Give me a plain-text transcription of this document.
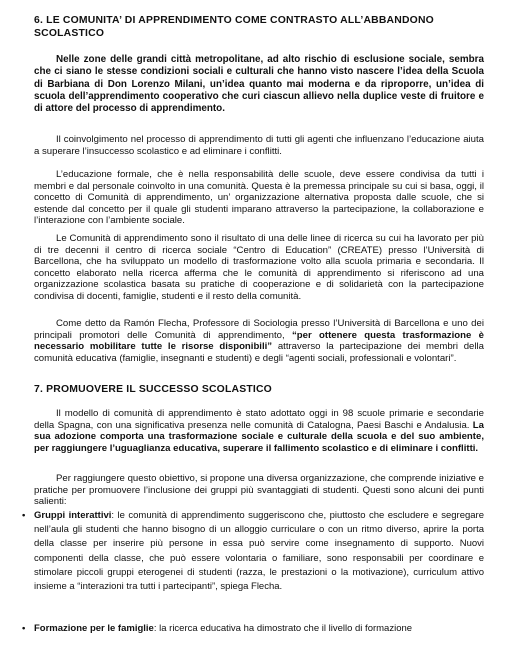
6. LE COMUNITA’ DI APPRENDIMENTO COME CONTRASTO ALL’ABBANDONO SCOLASTICO

Nelle zone delle grandi città metropolitane, ad alto rischio di esclusione sociale, sembra che ci siano le stesse condizioni sociali e culturali che hanno visto nascere l’idea della Scuola di Barbiana di Don Lorenzo Milani, un’idea quanto mai moderna e da riproporre, un’idea di scuola dell’apprendimento cooperativo che curi ciascun allievo nella duplice veste di fruitore e di attore del processo di apprendimento.

Il coinvolgimento nel processo di apprendimento di tutti gli agenti che influenzano l’educazione aiuta a superare l’insuccesso scolastico e ad eliminare i conflitti.

L’educazione formale, che è nella responsabilità delle scuole, deve essere condivisa da tutti i membri e dal personale coinvolto in una comunità. Questa è la premessa principale su cui si basa, oggi, il concetto di Comunità di apprendimento, un’ organizzazione alternativa proposta dalle scuole, che si estende dal concetto per il quale gli studenti imparano attraverso la partecipazione, la collaborazione e l’interazione con l’ambiente sociale.

Le Comunità di apprendimento sono il risultato di una delle linee di ricerca su cui ha lavorato per più di tre decenni il centro di ricerca sociale “Centro di Education” (CREATE) presso l’Università di Barcellona, che ha sviluppato un modello di trasformazione volto alla scuola primaria e secondaria. Il concetto elaborato nella ricerca afferma che le comunità di apprendimento si riferiscono ad una organizzazione scolastica basata su pratiche di cooperazione e di solidarietà con la partecipazione condivisa di docenti, famiglie, studenti e il resto della comunità.

Come detto da Ramón Flecha, Professore di Sociologia presso l’Università di Barcellona e uno dei principali promotori delle Comunità di apprendimento, “per ottenere questa trasformazione è necessario mobilitare tutte le risorse disponibili” attraverso la partecipazione dei membri della comunità educativa (famiglie, insegnanti e studenti) e degli “agenti sociali, professionali e volontari”.

7. PROMUOVERE IL SUCCESSO SCOLASTICO

Il modello di comunità di apprendimento è stato adottato oggi in 98 scuole primarie e secondarie della Spagna, con una significativa presenza nelle comunità di Catalogna, Paesi Baschi e Andalusia. La sua adozione comporta una trasformazione sociale e culturale della scuola e del suo ambiente, per raggiungere l’uguaglianza educativa, superare il fallimento scolastico e di eliminare i conflitti.

Per raggiungere questo obiettivo, si propone una diversa organizzazione, che comprende iniziative e pratiche per promuovere l’inclusione dei gruppi più svantaggiati di studenti. Questi sono alcuni dei punti salienti:

• Gruppi interattivi: le comunità di apprendimento suggeriscono che, piuttosto che escludere e segregare nell’aula gli studenti che hanno bisogno di un alloggio curriculare o con un ritmo diverso, aprire la porta della classe per inserire più persone in essa può servire come insegnamento di supporto. Nuovi componenti della classe, che può essere volontaria o familiare, sono responsabili per coordinare e stimolare piccoli gruppi eterogenei di studenti (razza, le prestazioni o la motivazione), curriculum attivo insieme a “interazioni tra tutti i partecipanti”, spiega Flecha.
• Formazione per le famiglie: la ricerca educativa ha dimostrato che il livello di formazione
